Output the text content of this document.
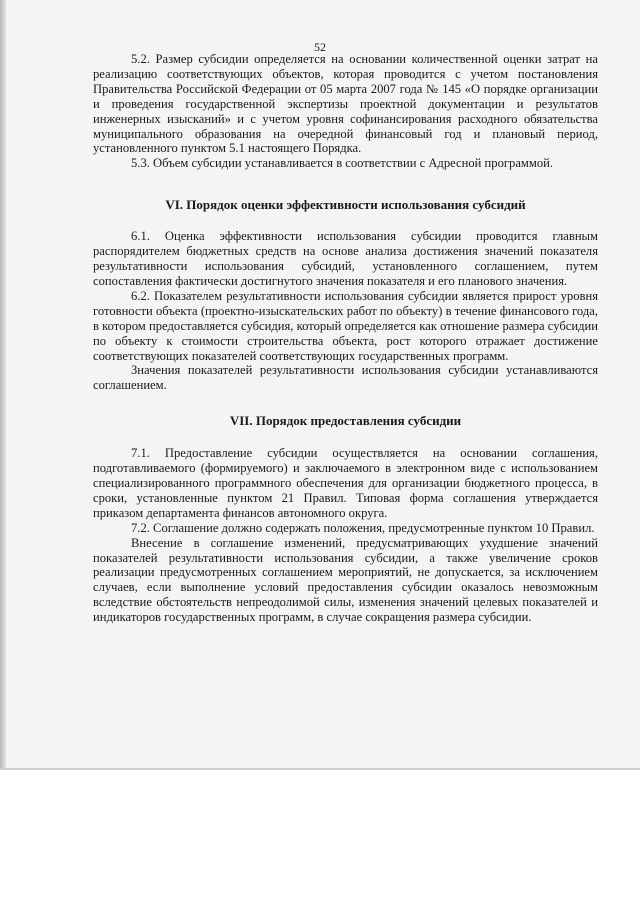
52

5.2. Размер субсидии определяется на основании количественной оценки затрат на реализацию соответствующих объектов, которая проводится с учетом постановления Правительства Российской Федерации от 05 марта 2007 года № 145 «О порядке организации и проведения государственной экспертизы проектной документации и результатов инженерных изысканий» и с учетом уровня софинансирования расходного обязательства муниципального образования на очередной финансовый год и плановый период, установленного пунктом 5.1 настоящего Порядка.

5.3. Объем субсидии устанавливается в соответствии с Адресной программой.

VI. Порядок оценки эффективности использования субсидий

6.1. Оценка эффективности использования субсидии проводится главным распорядителем бюджетных средств на основе анализа достижения значений показателя результативности использования субсидий, установленного соглашением, путем сопоставления фактически достигнутого значения показателя и его планового значения.

6.2. Показателем результативности использования субсидии является прирост уровня готовности объекта (проектно-изыскательских работ по объекту) в течение финансового года, в котором предоставляется субсидия, который определяется как отношение размера субсидии по объекту к стоимости строительства объекта, рост которого отражает достижение соответствующих показателей соответствующих государственных программ.

Значения показателей результативности использования субсидии устанавливаются соглашением.

VII. Порядок предоставления субсидии

7.1. Предоставление субсидии осуществляется на основании соглашения, подготавливаемого (формируемого) и заключаемого в электронном виде с использованием специализированного программного обеспечения для организации бюджетного процесса, в сроки, установленные пунктом 21 Правил. Типовая форма соглашения утверждается приказом департамента финансов автономного округа.

7.2. Соглашение должно содержать положения, предусмотренные пунктом 10 Правил.

Внесение в соглашение изменений, предусматривающих ухудшение значений показателей результативности использования субсидии, а также увеличение сроков реализации предусмотренных соглашением мероприятий, не допускается, за исключением случаев, если выполнение условий предоставления субсидии оказалось невозможным вследствие обстоятельств непреодолимой силы, изменения значений целевых показателей и индикаторов государственных программ, в случае сокращения размера субсидии.
